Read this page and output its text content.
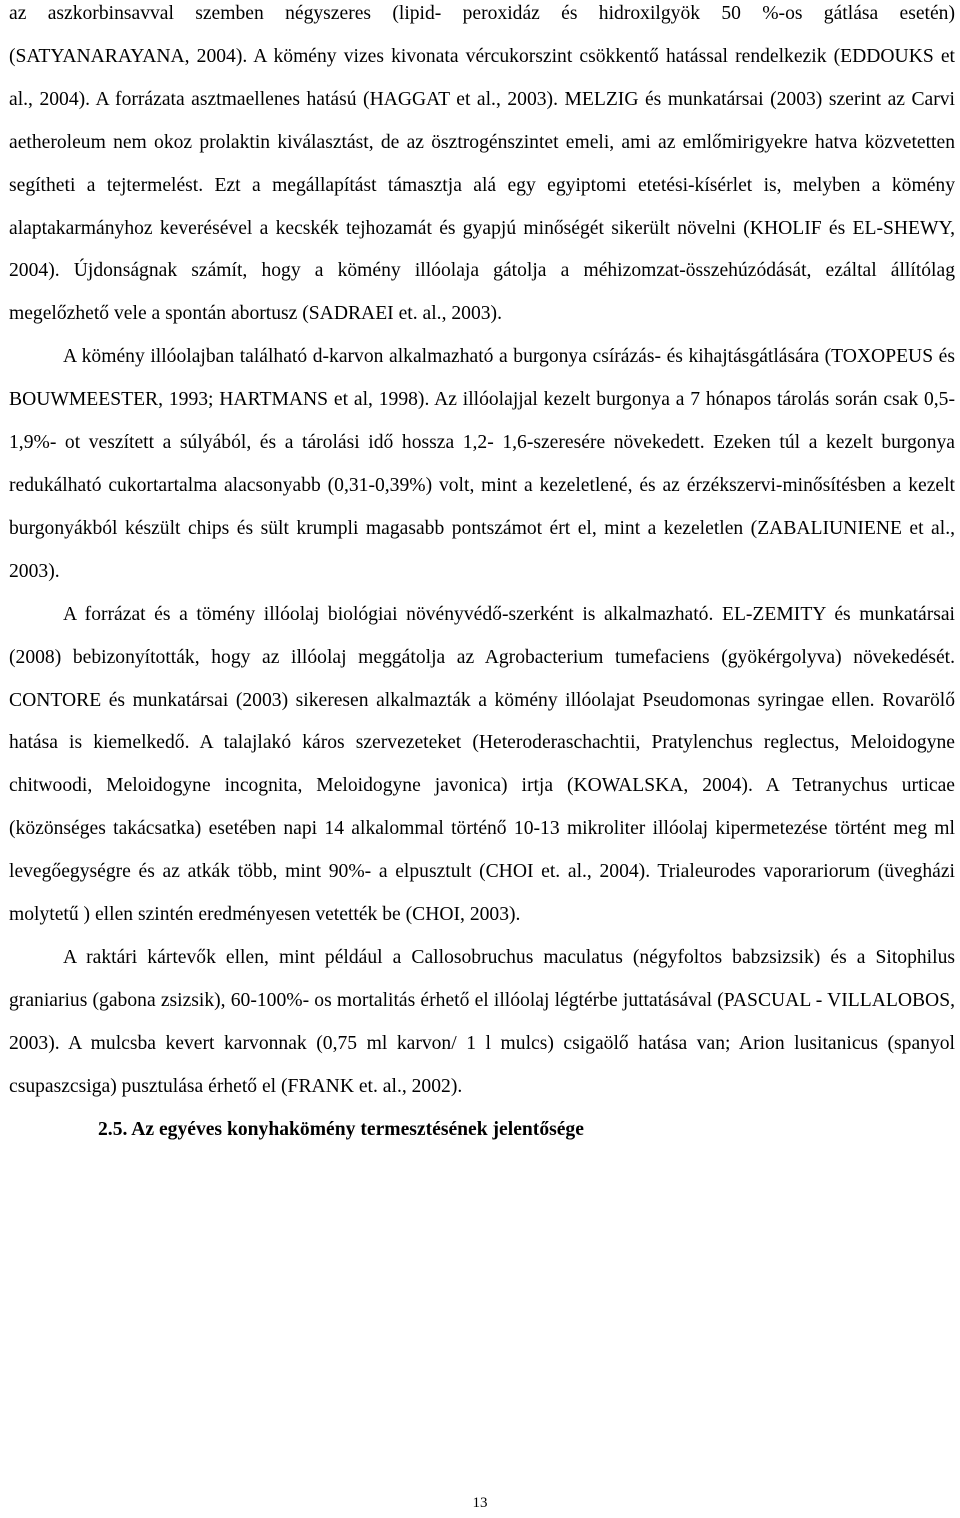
az aszkorbinsavval szemben négyszeres (lipid- peroxidáz és hidroxilgyök 50 %-os gátlása esetén) (SATYANARAYANA, 2004). A kömény vizes kivonata vércukorszint csökkentő hatással rendelkezik (EDDOUKS et al., 2004). A forrázata asztmaellenes hatású (HAGGAT et al., 2003). MELZIG és munkatársai (2003) szerint az Carvi aetheroleum nem okoz prolaktin kiválasztást, de az ösztrogénszintet emeli, ami az emlőmirigyekre hatva közvetetten segítheti a tejtermelést. Ezt a megállapítást támasztja alá egy egyiptomi etetési-kísérlet is, melyben a kömény alaptakarmányhoz keverésével a kecskék tejhozamát és gyapjú minőségét sikerült növelni (KHOLIF és EL-SHEWY, 2004). Újdonságnak számít, hogy a kömény illóolaja gátolja a méhizomzat-összehúzódását, ezáltal állítólag megelőzhető vele a spontán abortusz (SADRAEI et. al., 2003).

A kömény illóolajban található d-karvon alkalmazható a burgonya csírázás- és kihajtásgátlására (TOXOPEUS és BOUWMEESTER, 1993; HARTMANS et al, 1998). Az illóolajjal kezelt burgonya a 7 hónapos tárolás során csak 0,5- 1,9%- ot veszített a súlyából, és a tárolási idő hossza 1,2- 1,6-szeresére növekedett. Ezeken túl a kezelt burgonya redukálható cukortartalma alacsonyabb (0,31-0,39%) volt, mint a kezeletlené, és az érzékszervi-minősítésben a kezelt burgonyákból készült chips és sült krumpli magasabb pontszámot ért el, mint a kezeletlen (ZABALIUNIENE et al., 2003).

A forrázat és a tömény illóolaj biológiai növényvédő-szerként is alkalmazható. EL-ZEMITY és munkatársai (2008) bebizonyították, hogy az illóolaj meggátolja az Agrobacterium tumefaciens (gyökérgolyva) növekedését. CONTORE és munkatársai (2003) sikeresen alkalmazták a kömény illóolajat Pseudomonas syringae ellen. Rovarölő hatása is kiemelkedő. A talajlakó káros szervezeteket (Heteroderaschachtii, Pratylenchus reglectus, Meloidogyne chitwoodi, Meloidogyne incognita, Meloidogyne javonica) irtja (KOWALSKA, 2004). A Tetranychus urticae (közönséges takácsatka) esetében napi 14 alkalommal történő 10-13 mikroliter illóolaj kipermetezése történt meg ml levegőegységre és az atkák több, mint 90%- a elpusztult (CHOI et. al., 2004). Trialeurodes vaporariorum (üvegházi molytetű ) ellen szintén eredményesen vetették be (CHOI, 2003).

A raktári kártevők ellen, mint például a Callosobruchus maculatus (négyfoltos babzsizsik) és a Sitophilus graniarius (gabona zsizsik), 60-100%- os mortalitás érhető el illóolaj légtérbe juttatásával (PASCUAL - VILLALOBOS, 2003). A mulcsba kevert karvonnak (0,75 ml karvon/ 1 l mulcs) csigaölő hatása van; Arion lusitanicus (spanyol csupaszcsiga) pusztulása érhető el (FRANK et. al., 2002).

2.5. Az egyéves konyhakömény termesztésének jelentősége
13
